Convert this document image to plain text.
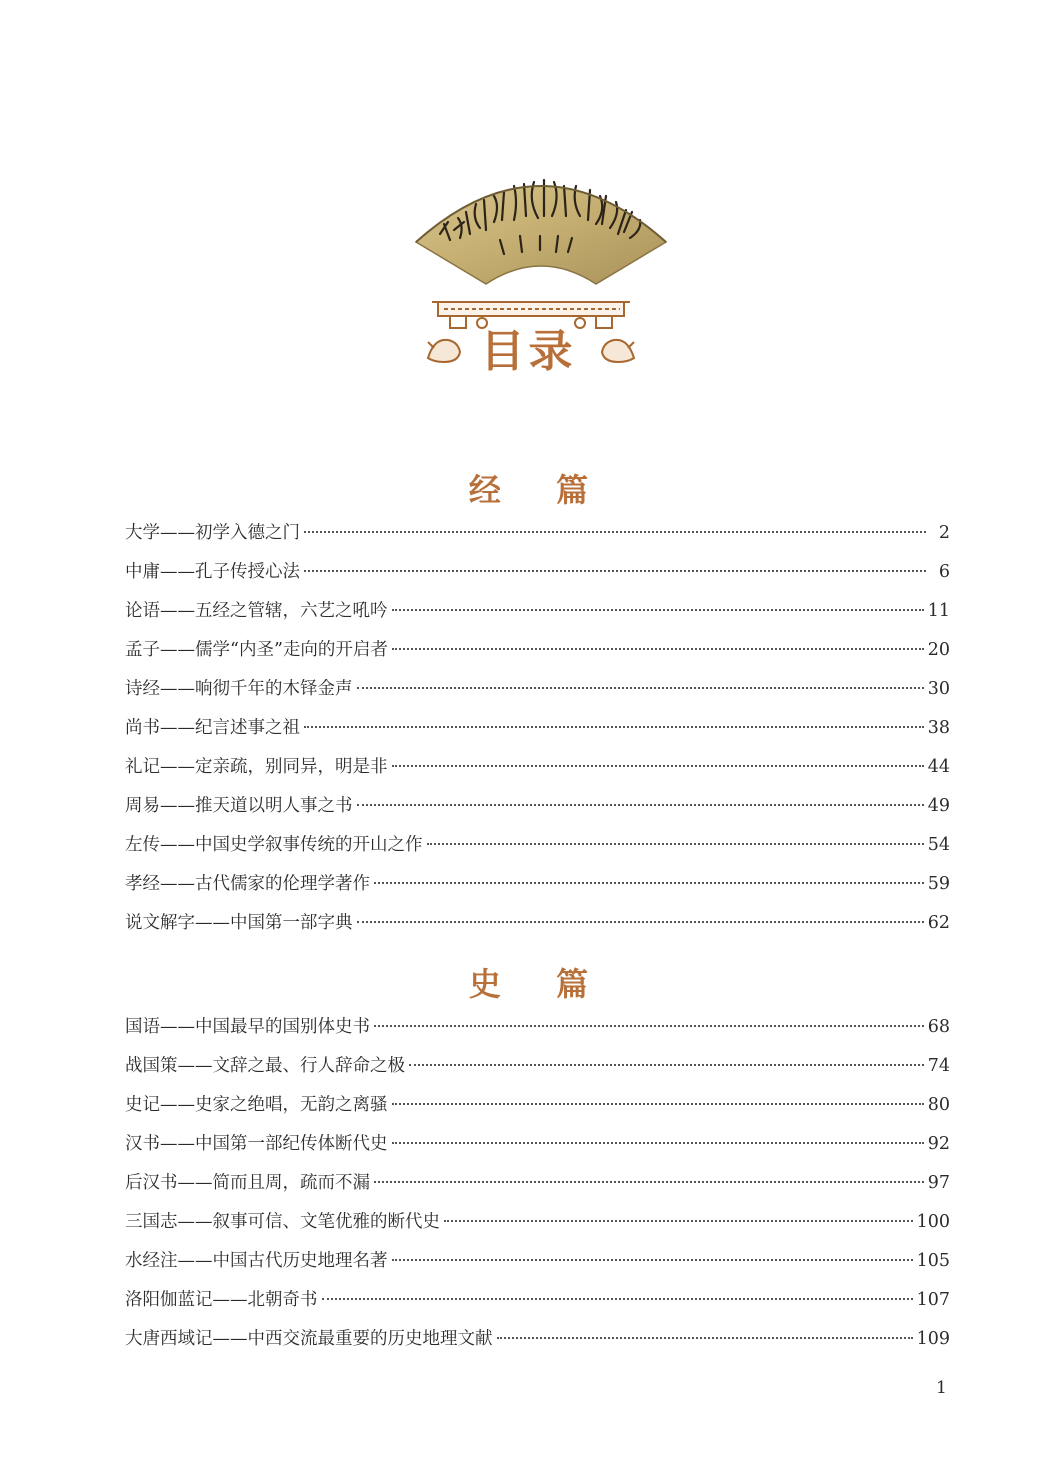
目录
经 篇
大学——初学入德之门	2
中庸——孔子传授心法	6
论语——五经之管辖，六艺之吼吟	11
孟子——儒学“内圣”走向的开启者	20
诗经——响彻千年的木铎金声	30
尚书——纪言述事之祖	38
礼记——定亲疏，别同异，明是非	44
周易——推天道以明人事之书	49
左传——中国史学叙事传统的开山之作	54
孝经——古代儒家的伦理学著作	59
说文解字——中国第一部字典	62
史 篇
国语——中国最早的国别体史书	68
战国策——文辞之最、行人辞命之极	74
史记——史家之绝唱，无韵之离骚	80
汉书——中国第一部纪传体断代史	92
后汉书——简而且周，疏而不漏	97
三国志——叙事可信、文笔优雅的断代史	100
水经注——中国古代历史地理名著	105
洛阳伽蓝记——北朝奇书	107
大唐西域记——中西交流最重要的历史地理文献	109
1
